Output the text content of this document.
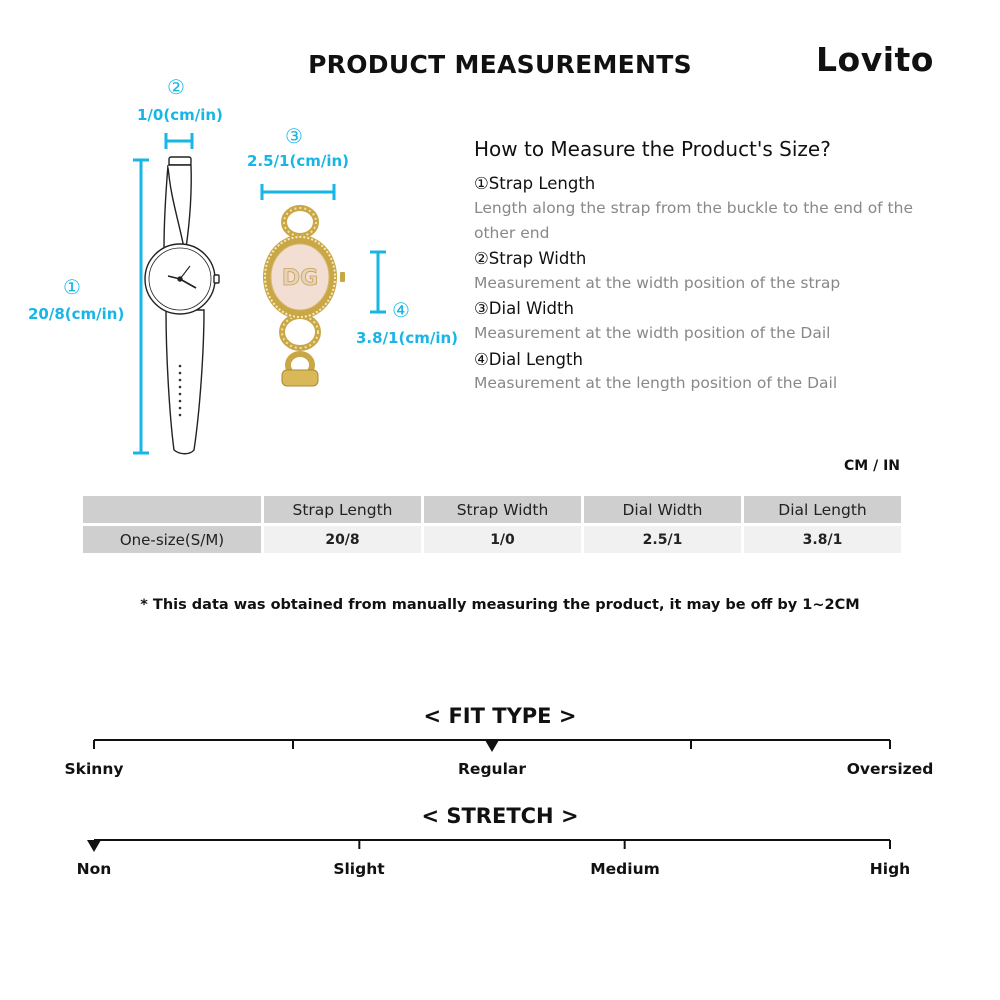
PRODUCT MEASUREMENTS	Lovito
②
1/0(cm/in)
③
2.5/1(cm/in)
①
20/8(cm/in)	④
3.8/1(cm/in)
DG
How to Measure the Product's Size?
①Strap Length
Length along the strap from the buckle to the end of the other end
②Strap Width
Measurement at the width position of the strap
③Dial Width
Measurement at the width position of the Dail
④Dial Length
Measurement at the length position of the Dail
CM / IN
	Strap Length	Strap Width	Dial Width	Dial Length
One-size(S/M)	20/8	1/0	2.5/1	3.8/1
* This data was obtained from manually measuring the product, it may be off by 1~2CM
< FIT TYPE >
Skinny	Regular	Oversized
< STRETCH >
Non	Slight	Medium	High
